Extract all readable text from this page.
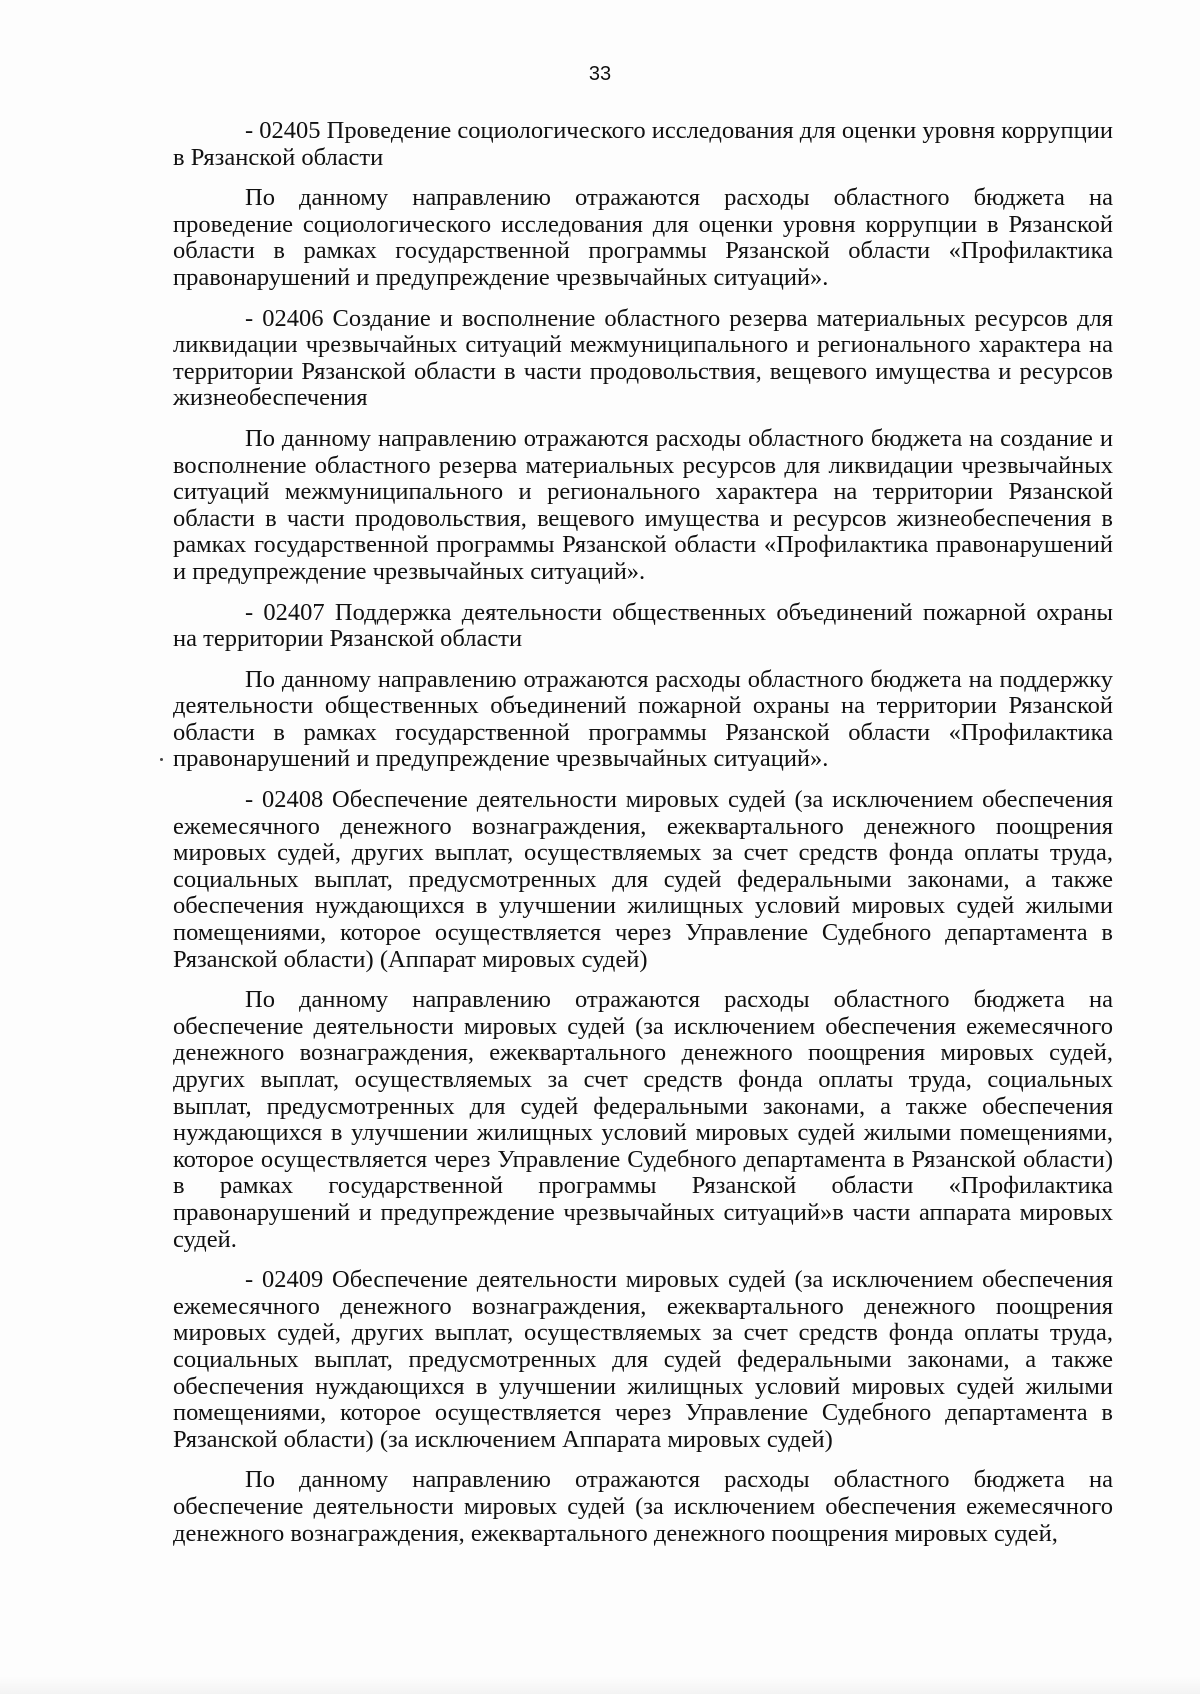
33

- 02405 Проведение социологического исследования для оценки уровня коррупции в Рязанской области

По данному направлению отражаются расходы областного бюджета на проведение социологического исследования для оценки уровня коррупции в Рязанской области в рамках государственной программы Рязанской области «Профилактика правонарушений и предупреждение чрезвычайных ситуаций».

- 02406 Создание и восполнение областного резерва материальных ресурсов для ликвидации чрезвычайных ситуаций межмуниципального и регионального характера на территории Рязанской области в части продовольствия, вещевого имущества и ресурсов жизнеобеспечения

По данному направлению отражаются расходы областного бюджета на создание и восполнение областного резерва материальных ресурсов для ликвидации чрезвычайных ситуаций межмуниципального и регионального характера на территории Рязанской области в части продовольствия, вещевого имущества и ресурсов жизнеобеспечения в рамках государственной программы Рязанской области «Профилактика правонарушений и предупреждение чрезвычайных ситуаций».

- 02407 Поддержка деятельности общественных объединений пожарной охраны на территории Рязанской области

По данному направлению отражаются расходы областного бюджета на поддержку деятельности общественных объединений пожарной охраны на территории Рязанской области в рамках государственной программы Рязанской области «Профилактика правонарушений и предупреждение чрезвычайных ситуаций».

- 02408 Обеспечение деятельности мировых судей (за исключением обеспечения ежемесячного денежного вознаграждения, ежеквартального денежного поощрения мировых судей, других выплат, осуществляемых за счет средств фонда оплаты труда, социальных выплат, предусмотренных для судей федеральными законами, а также обеспечения нуждающихся в улучшении жилищных условий мировых судей жилыми помещениями, которое осуществляется через Управление Судебного департамента в Рязанской области) (Аппарат мировых судей)

По данному направлению отражаются расходы областного бюджета на обеспечение деятельности мировых судей (за исключением обеспечения ежемесячного денежного вознаграждения, ежеквартального денежного поощрения мировых судей, других выплат, осуществляемых за счет средств фонда оплаты труда, социальных выплат, предусмотренных для судей федеральными законами, а также обеспечения нуждающихся в улучшении жилищных условий мировых судей жилыми помещениями, которое осуществляется через Управление Судебного департамента в Рязанской области) в рамках государственной программы Рязанской области «Профилактика правонарушений и предупреждение чрезвычайных ситуаций»в части аппарата мировых судей.

- 02409 Обеспечение деятельности мировых судей (за исключением обеспечения ежемесячного денежного вознаграждения, ежеквартального денежного поощрения мировых судей, других выплат, осуществляемых за счет средств фонда оплаты труда, социальных выплат, предусмотренных для судей федеральными законами, а также обеспечения нуждающихся в улучшении жилищных условий мировых судей жилыми помещениями, которое осуществляется через Управление Судебного департамента в Рязанской области) (за исключением Аппарата мировых судей)

По данному направлению отражаются расходы областного бюджета на обеспечение деятельности мировых судей (за исключением обеспечения ежемесячного денежного вознаграждения, ежеквартального денежного поощрения мировых судей,
